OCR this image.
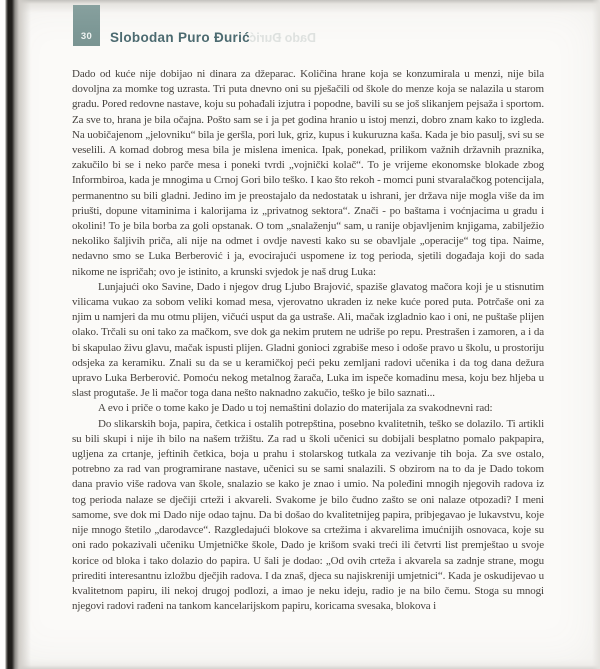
30 Slobodan Puro Đurić Dado Đurić

Dado od kuće nije dobijao ni dinara za džeparac. Količina hrane koja se konzumirala u menzi, nije bila dovoljna za momke tog uzrasta. Tri puta dnevno oni su pješačili od škole do menze koja se nalazila u starom gradu. Pored redovne nastave, koju su pohađali izjutra i popodne, bavili su se još slikanjem pejsaža i sportom. Za sve to, hrana je bila očajna. Pošto sam se i ja pet godina hranio u istoj menzi, dobro znam kako to izgleda. Na uobičajenom „jelovniku“ bila je geršla, pori luk, griz, kupus i kukuruzna kaša. Kada je bio pasulj, svi su se veselili. A komad dobrog mesa bila je mislena imenica. Ipak, ponekad, prilikom važnih državnih praznika, zakučilo bi se i neko parče mesa i poneki tvrdi „vojnički kolač“. To je vrijeme ekonomske blokade zbog Informbiroa, kada je mnogima u Crnoj Gori bilo teško. I kao što rekoh - momci puni stvaralačkog potencijala, permanentno su bili gladni. Jedino im je preostajalo da nedostatak u ishrani, jer država nije mogla više da im priušti, dopune vitaminima i kalorijama iz „privatnog sektora“. Znači - po baštama i voćnjacima u gradu i okolini! To je bila borba za goli opstanak. O tom „snalaženju“ sam, u ranije objavljenim knjigama, zabilježio nekoliko šaljivih priča, ali nije na odmet i ovdje navesti kako su se obavljale „operacije“ tog tipa. Naime, nedavno smo se Luka Berberović i ja, evocirajući uspomene iz tog perioda, sjetili događaja koji do sada nikome ne ispričah; ovo je istinito, a krunski svjedok je naš drug Luka:

Lunjajući oko Savine, Dado i njegov drug Ljubo Brajović, spaziše glavatog mačora koji je u stisnutim vilicama vukao za sobom veliki komad mesa, vjerovatno ukraden iz neke kuće pored puta. Potrčaše oni za njim u namjeri da mu otmu plijen, vičući usput da ga ustraše. Ali, mačak izgladnio kao i oni, ne puštaše plijen olako. Trčali su oni tako za mačkom, sve dok ga nekim prutem ne udriše po repu. Prestrašen i zamoren, a i da bi skapulao živu glavu, mačak ispusti plijen. Gladni gonioci zgrabiše meso i odoše pravo u školu, u prostoriju odsjeka za keramiku. Znali su da se u keramičkoj peći peku zemljani radovi učenika i da tog dana dežura upravo Luka Berberović. Pomoću nekog metalnog žarača, Luka im ispeče komadinu mesa, koju bez hljeba u slast progutaše. Je li mačor toga dana nešto naknadno zakučio, teško je bilo saznati...

A evo i priče o tome kako je Dado u toj nemaštini dolazio do materijala za svakodnevni rad:

Do slikarskih boja, papira, četkica i ostalih potrepština, posebno kvalitetnih, teško se dolazilo. Ti artikli su bili skupi i nije ih bilo na našem tržištu. Za rad u školi učenici su dobijali besplatno pomalo pakpapira, ugljena za crtanje, jeftinih četkica, boja u prahu i stolarskog tutkala za vezivanje tih boja. Za sve ostalo, potrebno za rad van programirane nastave, učenici su se sami snalazili. S obzirom na to da je Dado tokom dana pravio više radova van škole, snalazio se kako je znao i umio. Na poleđini mnogih njegovih radova iz tog perioda nalaze se dječiji crteži i akvareli. Svakome je bilo čudno zašto se oni nalaze otpozadi? I meni samome, sve dok mi Dado nije odao tajnu. Da bi došao do kvalitetnijeg papira, pribjegavao je lukavstvu, koje nije mnogo štetilo „darodavce“. Razgledajući blokove sa crtežima i akvarelima imućnijih osnovaca, koje su oni rado pokazivali učeniku Umjetničke škole, Dado je krišom svaki treći ili četvrti list premještao u svoje korice od bloka i tako dolazio do papira. U šali je dodao: „Od ovih crteža i akvarela sa zadnje strane, mogu prirediti interesantnu izložbu dječjih radova. I da znaš, djeca su najiskreniji umjetnici“. Kada je oskudijevao u kvalitetnom papiru, ili nekoj drugoj podlozi, a imao je neku ideju, radio je na bilo čemu. Stoga su mnogi njegovi radovi rađeni na tankom kancelarijskom papiru, koricama svesaka, blokova i
